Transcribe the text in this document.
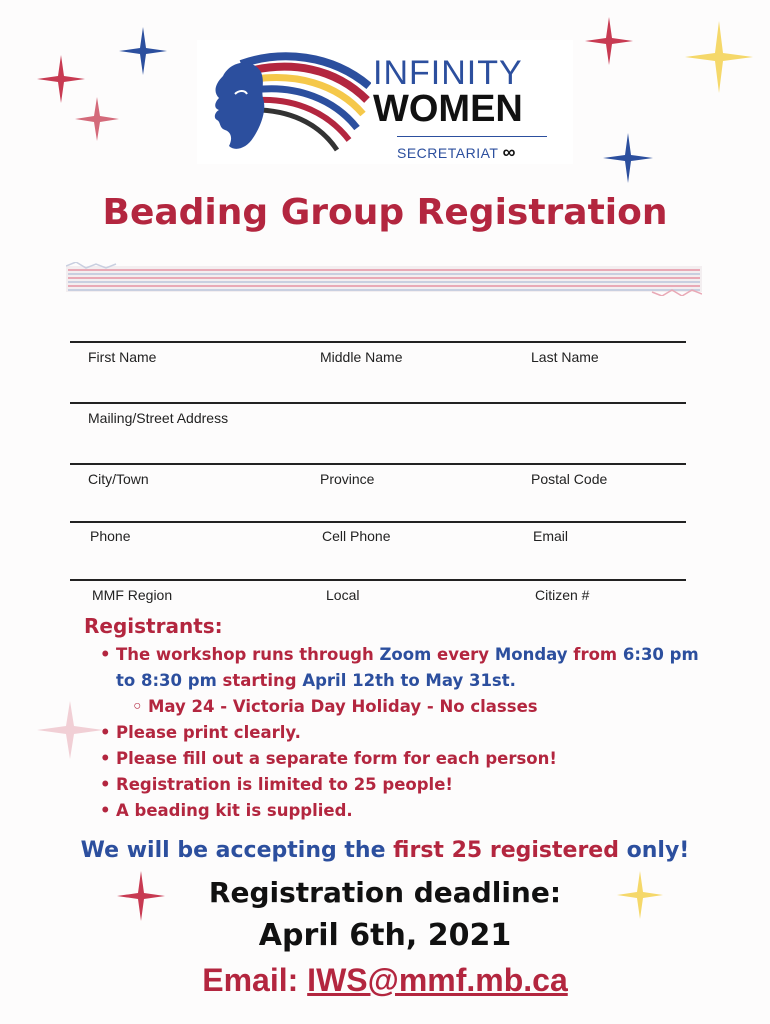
INFINITY
WOMEN
SECRETARIAT ∞
Beading Group Registration
First Name	Middle Name	Last Name
Mailing/Street Address
City/Town	Province	Postal Code
Phone	Cell Phone	Email
MMF Region	Local	Citizen #
Registrants:
• The workshop runs through Zoom every Monday from 6:30 pm to 8:30 pm starting April 12th to May 31st.
◦ May 24 - Victoria Day Holiday - No classes
• Please print clearly.
• Please fill out a separate form for each person!
• Registration is limited to 25 people!
• A beading kit is supplied.
We will be accepting the first 25 registered only!
Registration deadline:
April 6th, 2021
Email: IWS@mmf.mb.ca
